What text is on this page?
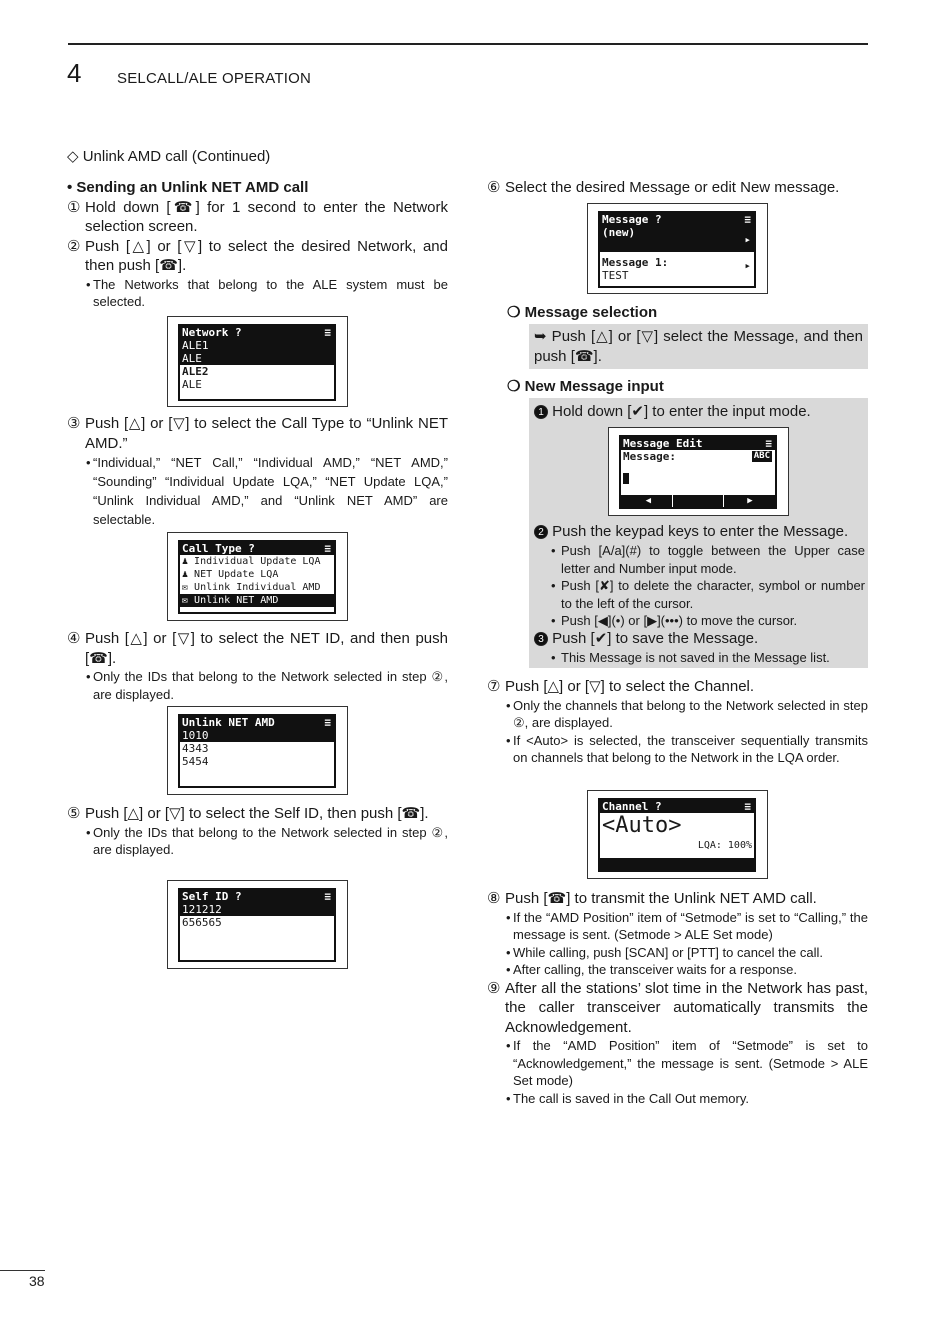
4 SELCALL/ALE OPERATION
◇ Unlink AMD call (Continued)

• Sending an Unlink NET AMD call

① Hold down [☎] for 1 second to enter the Network selection screen.
② Push [△] or [▽] to select the desired Network, and then push [☎].
• The Networks that belong to the ALE system must be selected.
Network ?	≡
ALE1
ALE
ALE2
ALE
③ Push [△] or [▽] to select the Call Type to “Unlink NET AMD.”
• “Individual,” “NET Call,” “Individual AMD,” “NET AMD,” “Sounding” “Individual Update LQA,” “NET Update LQA,” “Unlink Individual AMD,” and “Unlink NET AMD” are selectable.
Call Type ?	≡
♟ Individual Update LQA
♟ NET Update LQA
✉ Unlink Individual AMD
✉ Unlink NET AMD
④ Push [△] or [▽] to select the NET ID, and then push [☎].
• Only the IDs that belong to the Network selected in step ②, are displayed.
Unlink NET AMD	≡
1010
4343
5454
⑤ Push [△] or [▽] to select the Self ID, then push [☎].
• Only the IDs that belong to the Network selected in step ②, are displayed.
Self ID ?	≡
121212
656565
⑥ Select the desired Message or edit New message.
Message ?	≡
(new)
▸
Message 1:	▸
TEST

❍ Message selection

➥ Push [△] or [▽] select the Message, and then push [☎].

❍ New Message input

1 Hold down [✔] to enter the input mode.
Message Edit	≡
Message:	ABC
◀	▶
2 Push the keypad keys to enter the Message.
• Push [A/a](#) to toggle between the Upper case letter and Number input mode.
• Push [✘] to delete the character, symbol or number to the left of the cursor.
• Push [◀](•) or [▶](•••) to move the cursor.
3 Push [✔] to save the Message.
• This Message is not saved in the Message list.
⑦ Push [△] or [▽] to select the Channel.
• Only the channels that belong to the Network selected in step ②, are displayed.
• If <Auto> is selected, the transceiver sequentially transmits on channels that belong to the Network in the LQA order.
Channel ?	≡
<Auto>
LQA: 100%
⑧ Push [☎] to transmit the Unlink NET AMD call.
• If the “AMD Position” item of “Setmode” is set to “Calling,” the message is sent. (Setmode > ALE Set mode)
• While calling, push [SCAN] or [PTT] to cancel the call.
• After calling, the transceiver waits for a response.
⑨ After all the stations’ slot time in the Network has past, the caller transceiver automatically transmits the Acknowledgement.
• If the “AMD Position” item of “Setmode” is set to “Acknowledgement,” the message is sent. (Setmode > ALE Set mode)
• The call is saved in the Call Out memory.
38
